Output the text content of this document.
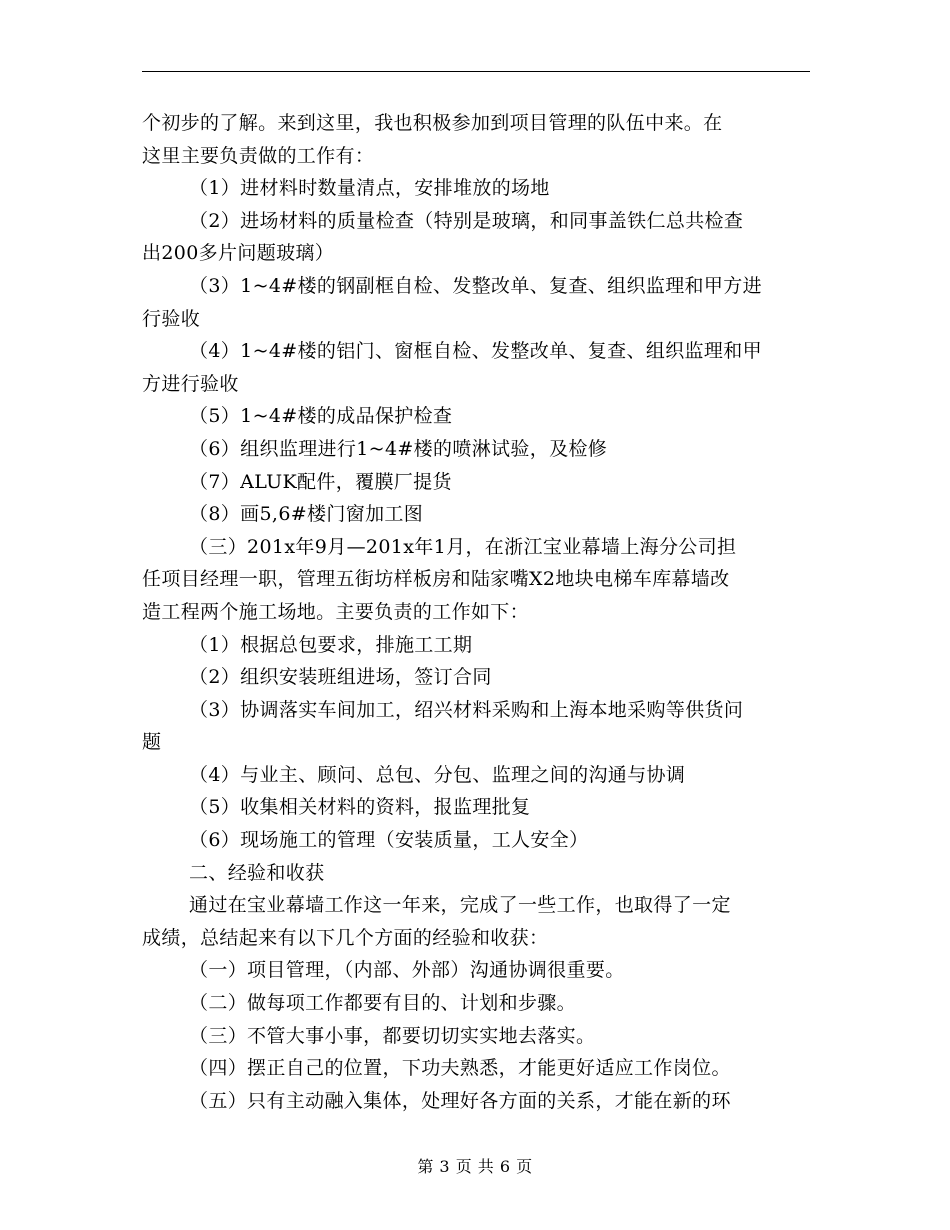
个初步的了解。来到这里，我也积极参加到项目管理的队伍中来。在
这里主要负责做的工作有：
（1）进材料时数量清点，安排堆放的场地
（2）进场材料的质量检查（特别是玻璃，和同事盖铁仁总共检查
出200多片问题玻璃）
（3）1~4#楼的钢副框自检、发整改单、复查、组织监理和甲方进
行验收
（4）1~4#楼的铝门、窗框自检、发整改单、复查、组织监理和甲
方进行验收
（5）1~4#楼的成品保护检查
（6）组织监理进行1~4#楼的喷淋试验，及检修
（7）ALUK配件，覆膜厂提货
（8）画5,6#楼门窗加工图
（三）201x年9月—201x年1月，在浙江宝业幕墙上海分公司担
任项目经理一职，管理五街坊样板房和陆家嘴X2地块电梯车库幕墙改
造工程两个施工场地。主要负责的工作如下：
（1）根据总包要求，排施工工期
（2）组织安装班组进场，签订合同
（3）协调落实车间加工，绍兴材料采购和上海本地采购等供货问
题
（4）与业主、顾问、总包、分包、监理之间的沟通与协调
（5）收集相关材料的资料，报监理批复
（6）现场施工的管理（安装质量，工人安全）
二、经验和收获
通过在宝业幕墙工作这一年来，完成了一些工作，也取得了一定
成绩，总结起来有以下几个方面的经验和收获：
（一）项目管理，（内部、外部）沟通协调很重要。
（二）做每项工作都要有目的、计划和步骤。
（三）不管大事小事，都要切切实实地去落实。
（四）摆正自己的位置，下功夫熟悉，才能更好适应工作岗位。
（五）只有主动融入集体，处理好各方面的关系，才能在新的环
第 3 页 共 6 页
